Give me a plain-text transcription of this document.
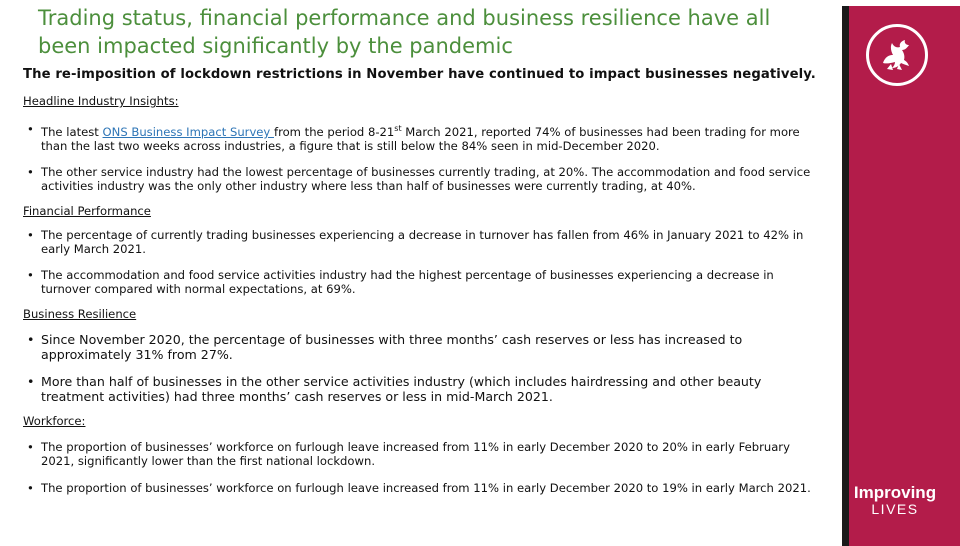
Trading status, financial performance and business resilience have all been impacted significantly by the pandemic

The re-imposition of lockdown restrictions in November have continued to impact businesses negatively.

Headline Industry Insights:

• The latest ONS Business Impact Survey from the period 8-21st March 2021, reported 74% of businesses had been trading for more than the last two weeks across industries, a figure that is still below the 84% seen in mid-December 2020.
• The other service industry had the lowest percentage of businesses currently trading, at 20%. The accommodation and food service activities industry was the only other industry where less than half of businesses were currently trading, at 40%.

Financial Performance

• The percentage of currently trading businesses experiencing a decrease in turnover has fallen from 46% in January 2021 to 42% in early March 2021.
• The accommodation and food service activities industry had the highest percentage of businesses experiencing a decrease in turnover compared with normal expectations, at 69%.

Business Resilience

• Since November 2020, the percentage of businesses with three months’ cash reserves or less has increased to approximately 31% from 27%.
• More than half of businesses in the other service activities industry (which includes hairdressing and other beauty treatment activities) had three months’ cash reserves or less in mid-March 2021.

Workforce:

• The proportion of businesses’ workforce on furlough leave increased from 11% in early December 2020 to 20% in early February 2021, significantly lower than the first national lockdown.
• The proportion of businesses’ workforce on furlough leave increased from 11% in early December 2020 to 19% in early March 2021.	Improving
LIVES
